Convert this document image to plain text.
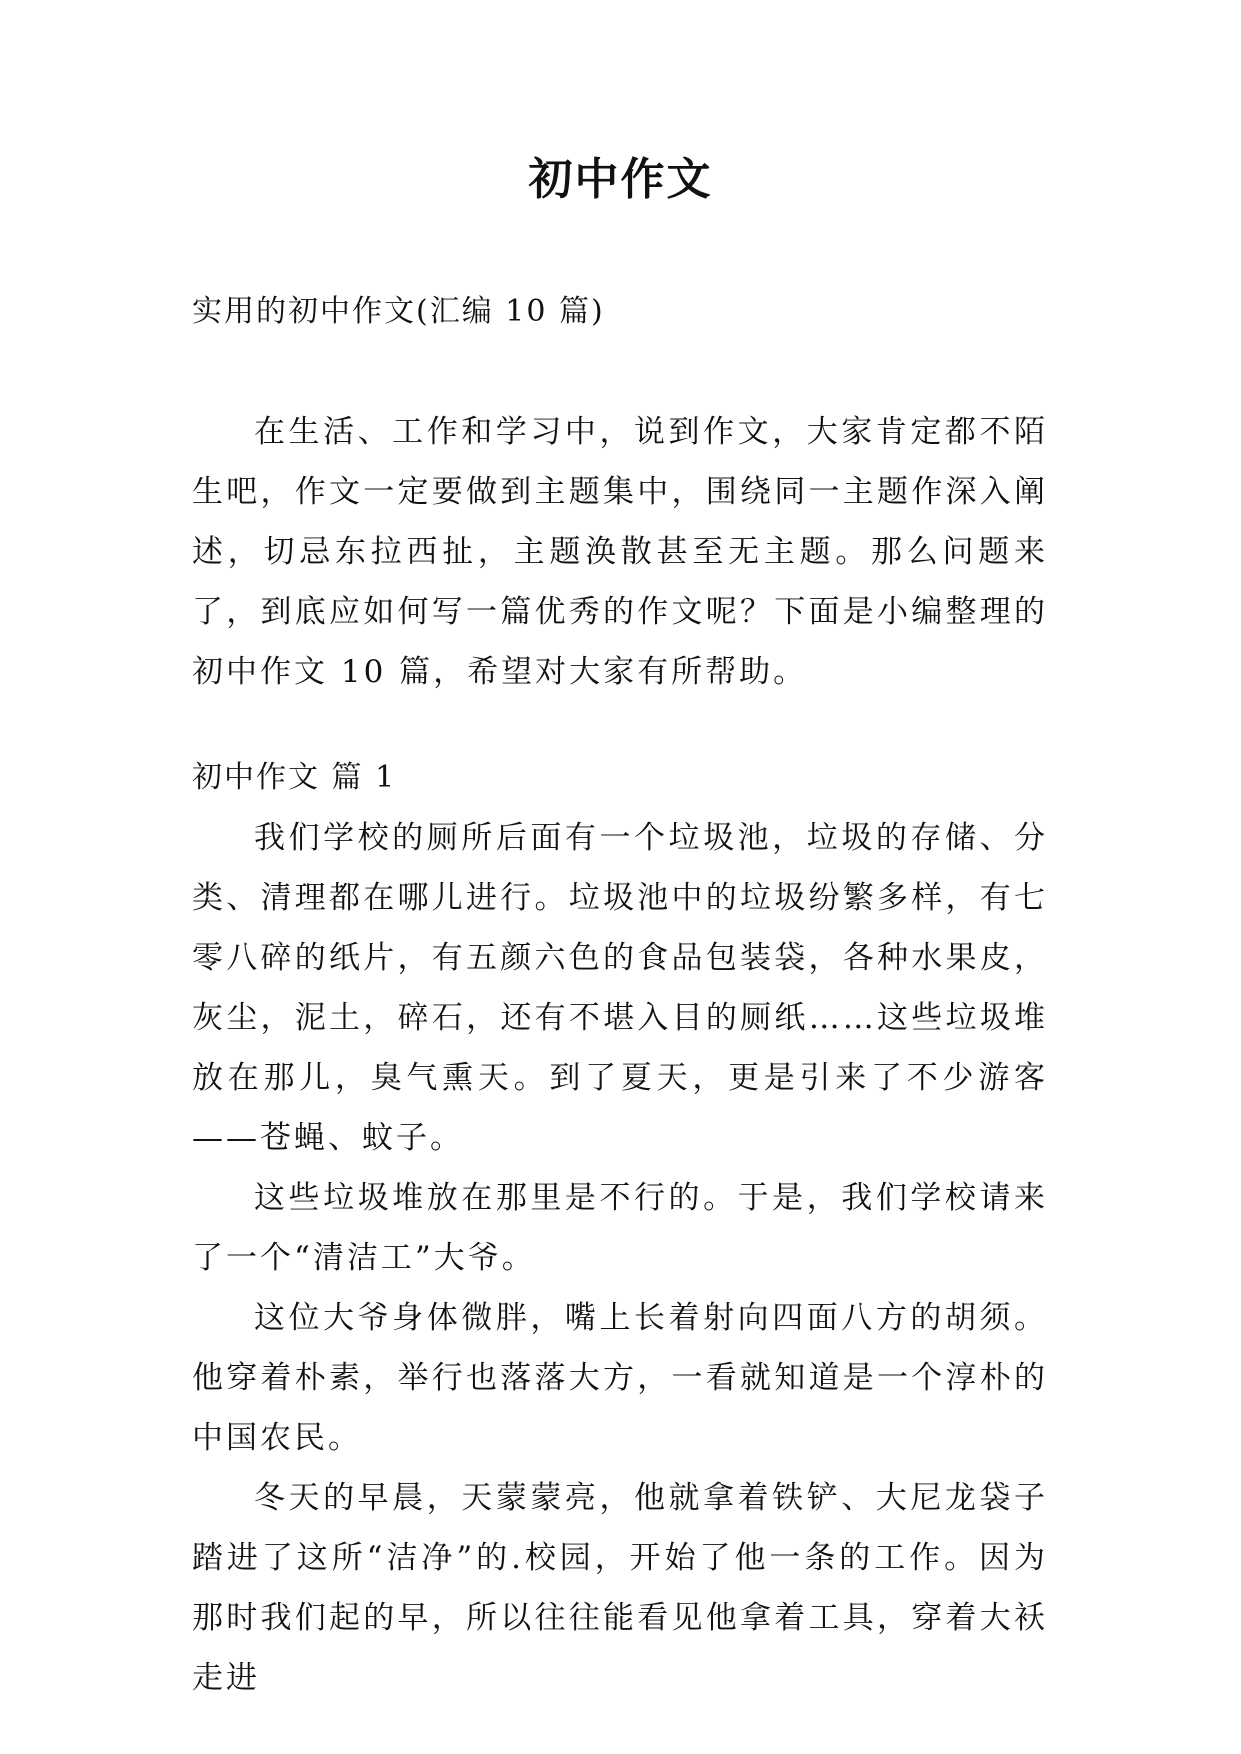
初中作文
实用的初中作文(汇编 10 篇)

在生活、工作和学习中，说到作文，大家肯定都不陌生吧，作文一定要做到主题集中，围绕同一主题作深入阐述，切忌东拉西扯，主题涣散甚至无主题。那么问题来了，到底应如何写一篇优秀的作文呢？下面是小编整理的初中作文 10 篇，希望对大家有所帮助。

初中作文 篇 1

我们学校的厕所后面有一个垃圾池，垃圾的存储、分类、清理都在哪儿进行。垃圾池中的垃圾纷繁多样，有七零八碎的纸片，有五颜六色的食品包装袋，各种水果皮，灰尘，泥土，碎石，还有不堪入目的厕纸……这些垃圾堆放在那儿，臭气熏天。到了夏天，更是引来了不少游客——苍蝇、蚊子。

这些垃圾堆放在那里是不行的。于是，我们学校请来了一个“清洁工”大爷。

这位大爷身体微胖，嘴上长着射向四面八方的胡须。他穿着朴素，举行也落落大方，一看就知道是一个淳朴的中国农民。

冬天的早晨，天蒙蒙亮，他就拿着铁铲、大尼龙袋子踏进了这所“洁净”的.校园，开始了他一条的工作。因为那时我们起的早，所以往往能看见他拿着工具，穿着大袄走进
